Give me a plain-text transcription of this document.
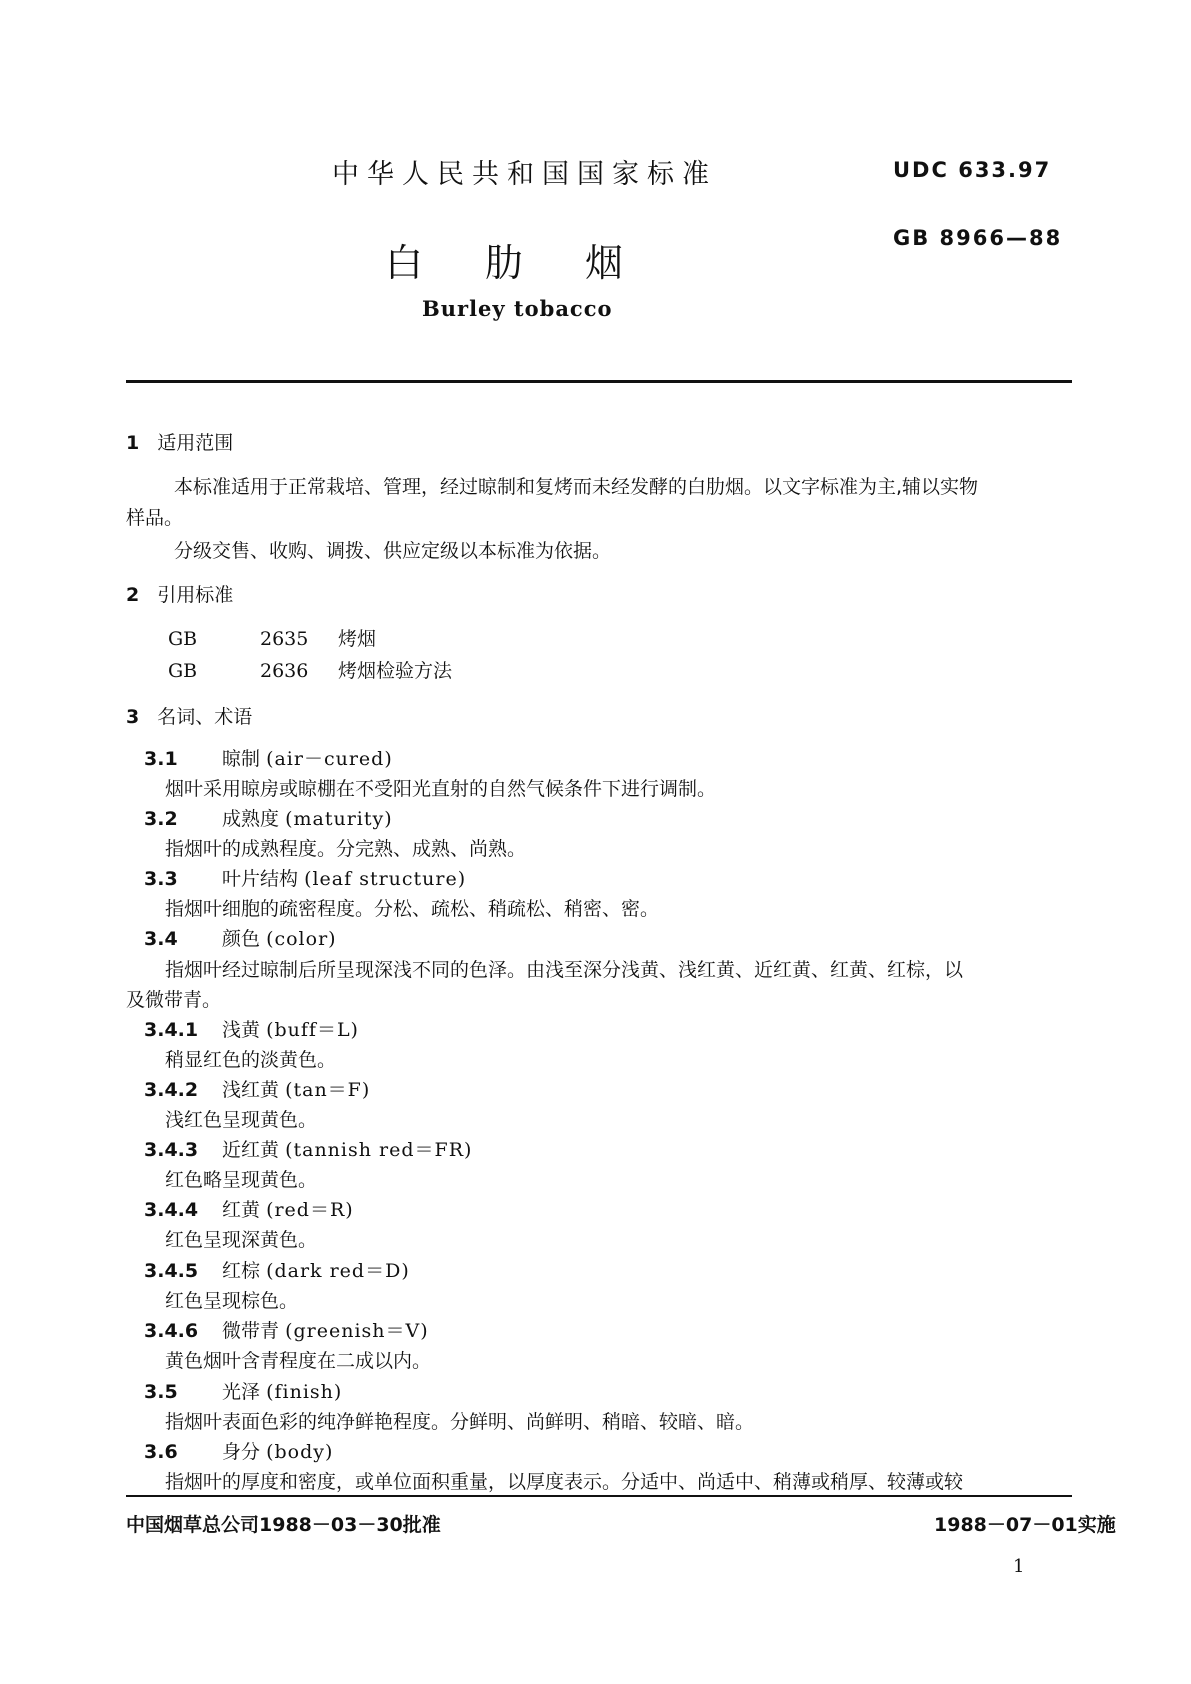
中华人民共和国国家标准	UDC 633.97
GB 8966—88
白 肋 烟
Burley tobacco
1 适用范围
本标准适用于正常栽培、管理，经过晾制和复烤而未经发酵的白肋烟。以文字标准为主,辅以实物
样品。
分级交售、收购、调拨、供应定级以本标准为依据。
2 引用标准
GB	2635 烤烟
GB	2636 烤烟检验方法
3 名词、术语
3.1 晾制 (air－cured)
烟叶采用晾房或晾棚在不受阳光直射的自然气候条件下进行调制。
3.2 成熟度 (maturity)
指烟叶的成熟程度。分完熟、成熟、尚熟。
3.3 叶片结构 (leaf structure)
指烟叶细胞的疏密程度。分松、疏松、稍疏松、稍密、密。
3.4 颜色 (color)
指烟叶经过晾制后所呈现深浅不同的色泽。由浅至深分浅黄、浅红黄、近红黄、红黄、红棕，以
及微带青。
3.4.1 浅黄 (buff＝L)
稍显红色的淡黄色。
3.4.2 浅红黄 (tan＝F)
浅红色呈现黄色。
3.4.3 近红黄 (tannish red＝FR)
红色略呈现黄色。
3.4.4 红黄 (red＝R)
红色呈现深黄色。
3.4.5 红棕 (dark red＝D)
红色呈现棕色。
3.4.6 微带青 (greenish＝V)
黄色烟叶含青程度在二成以内。
3.5 光泽 (finish)
指烟叶表面色彩的纯净鲜艳程度。分鲜明、尚鲜明、稍暗、较暗、暗。
3.6 身分 (body)
指烟叶的厚度和密度，或单位面积重量，以厚度表示。分适中、尚适中、稍薄或稍厚、较薄或较
中国烟草总公司1988－03－30批准	1988－07－01实施
1
